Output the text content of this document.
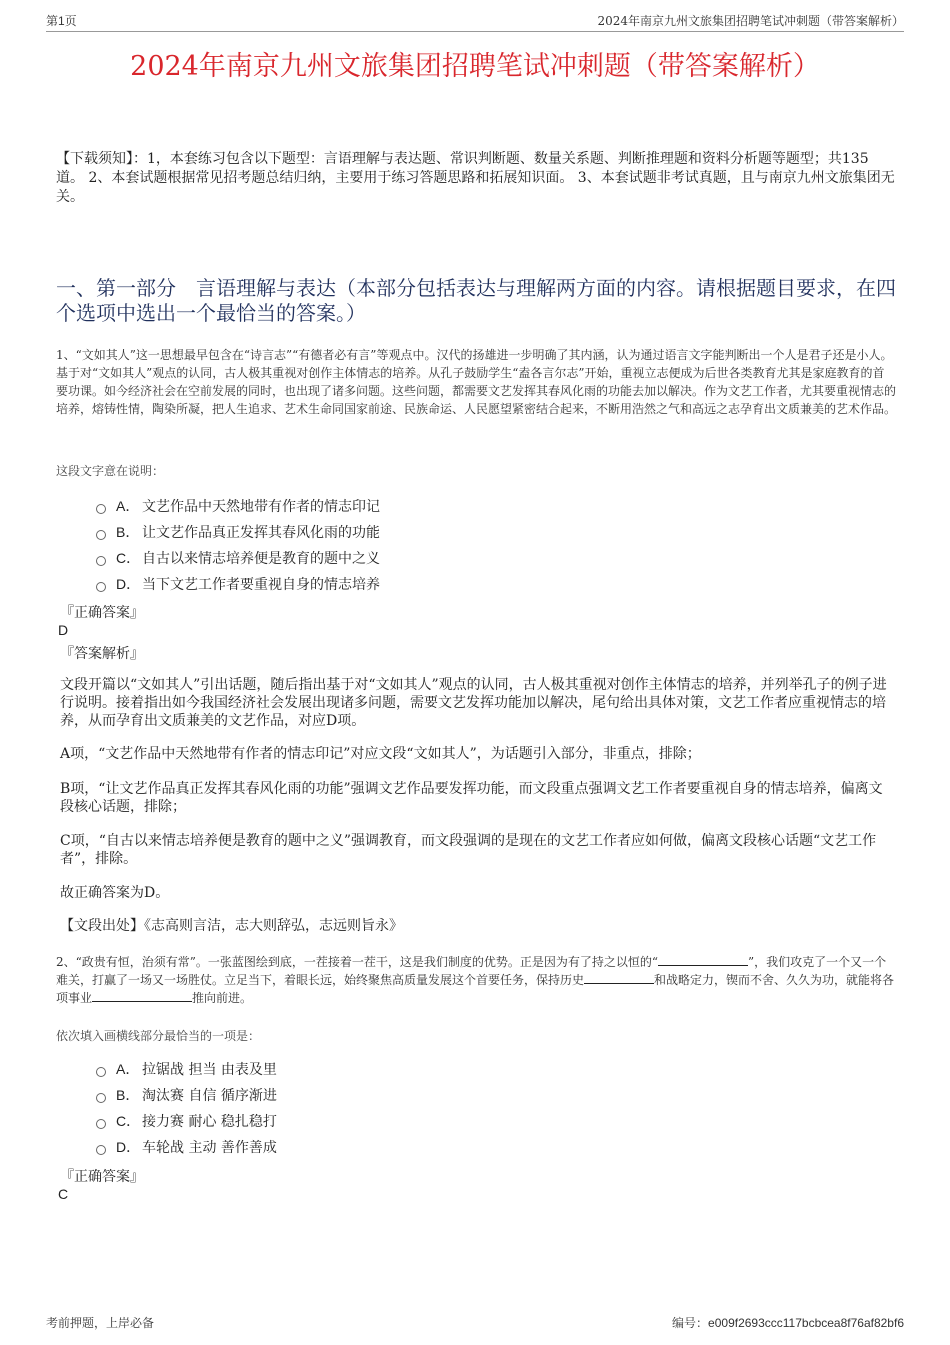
第1页	2024年南京九州文旅集团招聘笔试冲刺题（带答案解析）
2024年南京九州文旅集团招聘笔试冲刺题（带答案解析）
【下载须知】：1，本套练习包含以下题型：言语理解与表达题、常识判断题、数量关系题、判断推理题和资料分析题等题型；共135道。 2、本套试题根据常见招考题总结归纳，主要用于练习答题思路和拓展知识面。 3、本套试题非考试真题，且与南京九州文旅集团无关。
一、第一部分　言语理解与表达（本部分包括表达与理解两方面的内容。请根据题目要求，在四个选项中选出一个最恰当的答案。）
1、“文如其人”这一思想最早包含在“诗言志”“有德者必有言”等观点中。汉代的扬雄进一步明确了其内涵，认为通过语言文字能判断出一个人是君子还是小人。基于对“文如其人”观点的认同，古人极其重视对创作主体情志的培养。从孔子鼓励学生“盍各言尔志”开始，重视立志便成为后世各类教育尤其是家庭教育的首要功课。如今经济社会在空前发展的同时，也出现了诸多问题。这些问题，都需要文艺发挥其春风化雨的功能去加以解决。作为文艺工作者，尤其要重视情志的培养，熔铸性情，陶染所凝，把人生追求、艺术生命同国家前途、民族命运、人民愿望紧密结合起来，不断用浩然之气和高远之志孕育出文质兼美的艺术作品。
这段文字意在说明：
A． 文艺作品中天然地带有作者的情志印记
B． 让文艺作品真正发挥其春风化雨的功能
C． 自古以来情志培养便是教育的题中之义
D． 当下文艺工作者要重视自身的情志培养
『正确答案』
D
『答案解析』
文段开篇以“文如其人”引出话题，随后指出基于对“文如其人”观点的认同，古人极其重视对创作主体情志的培养，并列举孔子的例子进行说明。接着指出如今我国经济社会发展出现诸多问题，需要文艺发挥功能加以解决，尾句给出具体对策，文艺工作者应重视情志的培养，从而孕育出文质兼美的文艺作品，对应D项。
A项，“文艺作品中天然地带有作者的情志印记”对应文段“文如其人”，为话题引入部分，非重点，排除；
B项，“让文艺作品真正发挥其春风化雨的功能”强调文艺作品要发挥功能，而文段重点强调文艺工作者要重视自身的情志培养，偏离文段核心话题，排除；
C项，“自古以来情志培养便是教育的题中之义”强调教育，而文段强调的是现在的文艺工作者应如何做，偏离文段核心话题“文艺工作者”，排除。
故正确答案为D。
【文段出处】《志高则言洁，志大则辞弘，志远则旨永》
2、“政贵有恒，治须有常”。一张蓝图绘到底，一茬接着一茬干，这是我们制度的优势。正是因为有了持之以恒的“	”，我们攻克了一个又一个难关，打赢了一场又一场胜仗。立足当下，着眼长远，始终聚焦高质量发展这个首要任务，保持历史	和战略定力，锲而不舍、久久为功，就能将各项事业	推向前进。
依次填入画横线部分最恰当的一项是：
A． 拉锯战 担当 由表及里
B． 淘汰赛 自信 循序渐进
C． 接力赛 耐心 稳扎稳打
D． 车轮战 主动 善作善成
『正确答案』
C
考前押题，上岸必备	编号：e009f2693ccc117bcbcea8f76af82bf6
